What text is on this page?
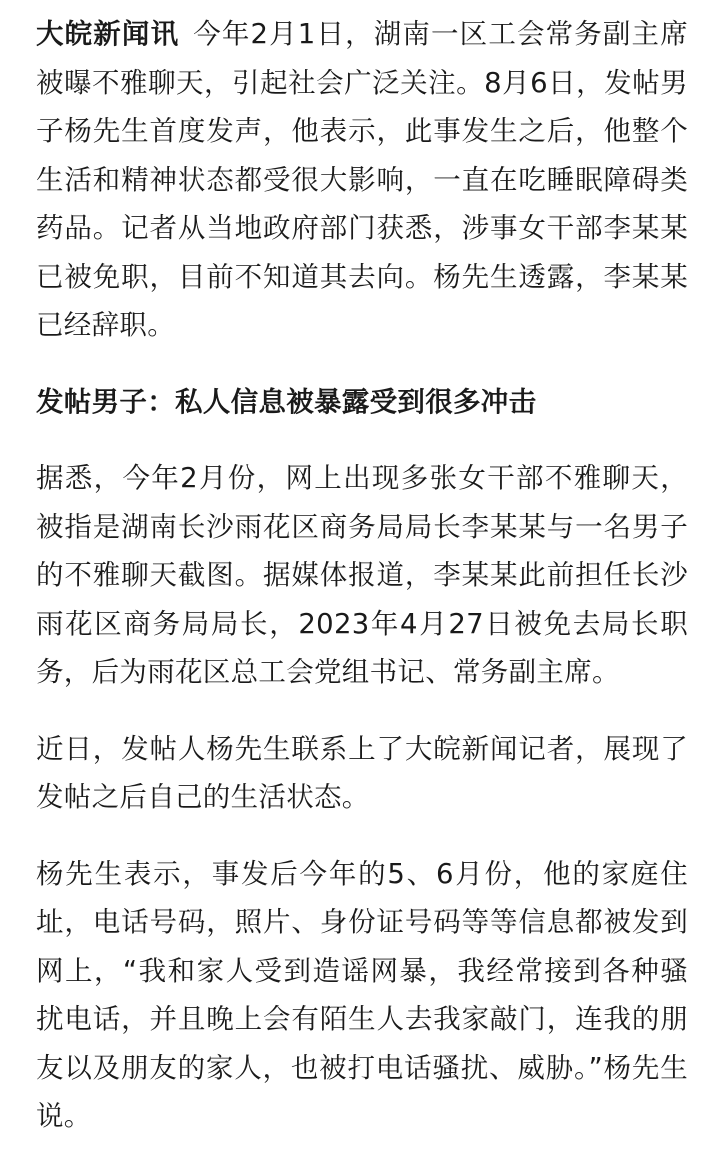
大皖新闻讯 今年2月1日，湖南一区工会常务副主席被曝不雅聊天，引起社会广泛关注。8月6日，发帖男子杨先生首度发声，他表示，此事发生之后，他整个生活和精神状态都受很大影响，一直在吃睡眠障碍类药品。记者从当地政府部门获悉，涉事女干部李某某已被免职，目前不知道其去向。杨先生透露，李某某已经辞职。

发帖男子：私人信息被暴露受到很多冲击

据悉，今年2月份，网上出现多张女干部不雅聊天，被指是湖南长沙雨花区商务局局长李某某与一名男子的不雅聊天截图。据媒体报道，李某某此前担任长沙雨花区商务局局长，2023年4月27日被免去局长职务，后为雨花区总工会党组书记、常务副主席。

近日，发帖人杨先生联系上了大皖新闻记者，展现了发帖之后自己的生活状态。

杨先生表示，事发后今年的5、6月份，他的家庭住址，电话号码，照片、身份证号码等等信息都被发到网上，“我和家人受到造谣网暴，我经常接到各种骚扰电话，并且晚上会有陌生人去我家敲门，连我的朋友以及朋友的家人，也被打电话骚扰、威胁。”杨先生说。
